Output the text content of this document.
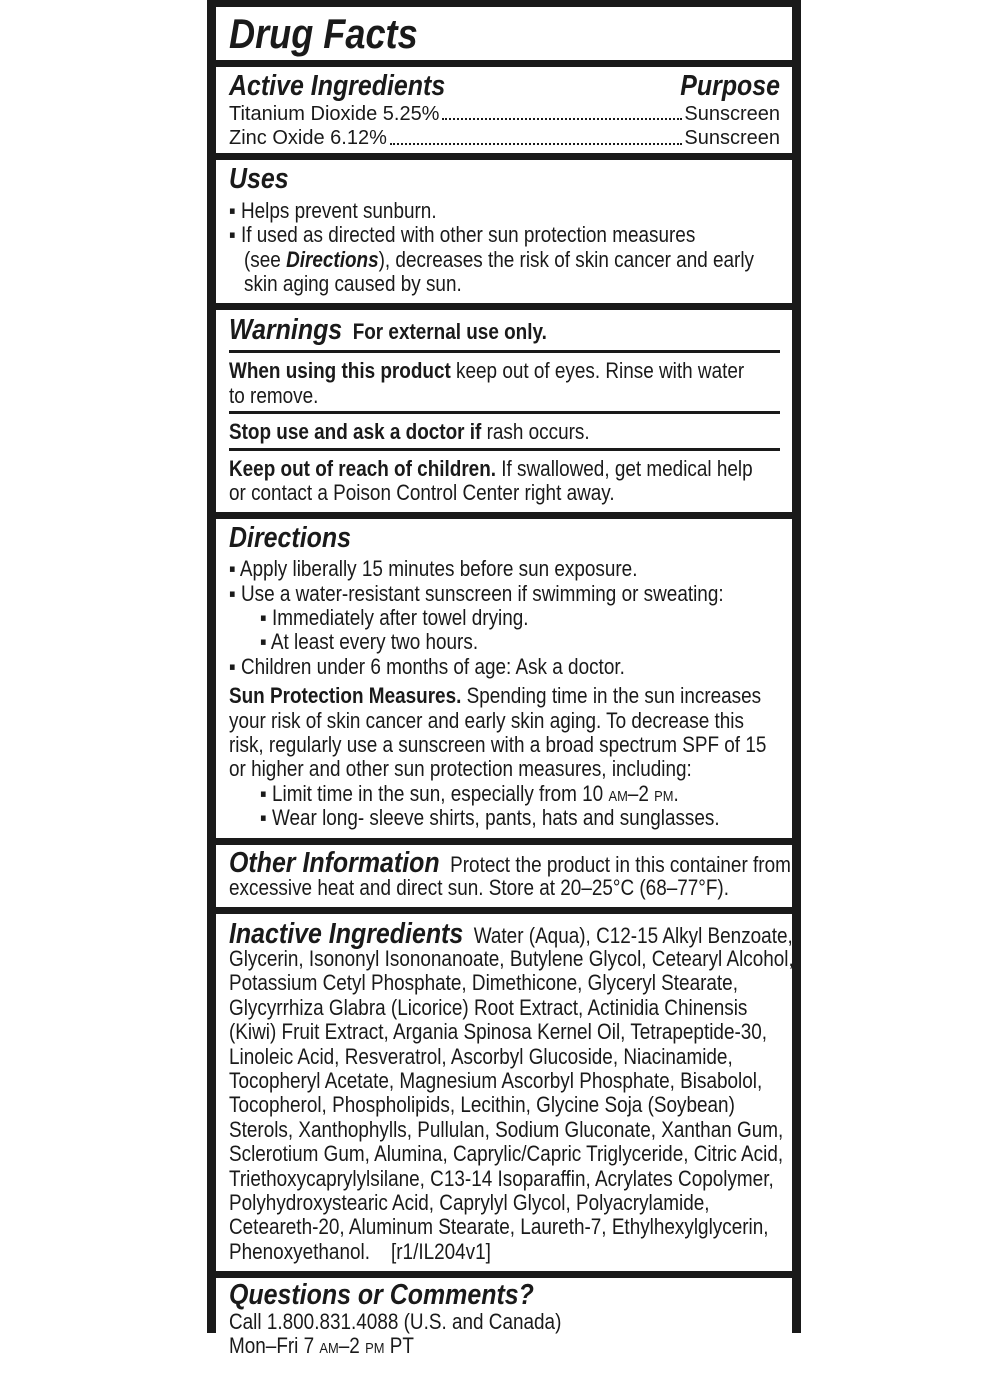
Drug Facts
Active Ingredients	Purpose
Titanium Dioxide 5.25%	Sunscreen
Zinc Oxide 6.12%	Sunscreen
Uses
▪ Helps prevent sunburn.
▪ If used as directed with other sun protection measures
(see Directions), decreases the risk of skin cancer and early
skin aging caused by sun.
Warnings For external use only.
When using this product keep out of eyes. Rinse with water
to remove.
Stop use and ask a doctor if rash occurs.
Keep out of reach of children. If swallowed, get medical help
or contact a Poison Control Center right away.
Directions
▪ Apply liberally 15 minutes before sun exposure.
▪ Use a water-resistant sunscreen if swimming or sweating:
▪ Immediately after towel drying.
▪ At least every two hours.
▪ Children under 6 months of age: Ask a doctor.
Sun Protection Measures. Spending time in the sun increases
your risk of skin cancer and early skin aging. To decrease this
risk, regularly use a sunscreen with a broad spectrum SPF of 15
or higher and other sun protection measures, including:
▪ Limit time in the sun, especially from 10 AM–2 PM.
▪ Wear long- sleeve shirts, pants, hats and sunglasses.
Other Information Protect the product in this container from
excessive heat and direct sun. Store at 20–25°C (68–77°F).
Inactive Ingredients Water (Aqua), C12-15 Alkyl Benzoate,
Glycerin, Isononyl Isononanoate, Butylene Glycol, Cetearyl Alcohol,
Potassium Cetyl Phosphate, Dimethicone, Glyceryl Stearate,
Glycyrrhiza Glabra (Licorice) Root Extract, Actinidia Chinensis
(Kiwi) Fruit Extract, Argania Spinosa Kernel Oil, Tetrapeptide-30,
Linoleic Acid, Resveratrol, Ascorbyl Glucoside, Niacinamide,
Tocopheryl Acetate, Magnesium Ascorbyl Phosphate, Bisabolol,
Tocopherol, Phospholipids, Lecithin, Glycine Soja (Soybean)
Sterols, Xanthophylls, Pullulan, Sodium Gluconate, Xanthan Gum,
Sclerotium Gum, Alumina, Caprylic/Capric Triglyceride, Citric Acid,
Triethoxycaprylylsilane, C13-14 Isoparaffin, Acrylates Copolymer,
Polyhydroxystearic Acid, Caprylyl Glycol, Polyacrylamide,
Ceteareth-20, Aluminum Stearate, Laureth-7, Ethylhexylglycerin,
Phenoxyethanol.    [r1/IL204v1]
Questions or Comments?
Call 1.800.831.4088 (U.S. and Canada)
Mon–Fri 7 AM–2 PM PT
